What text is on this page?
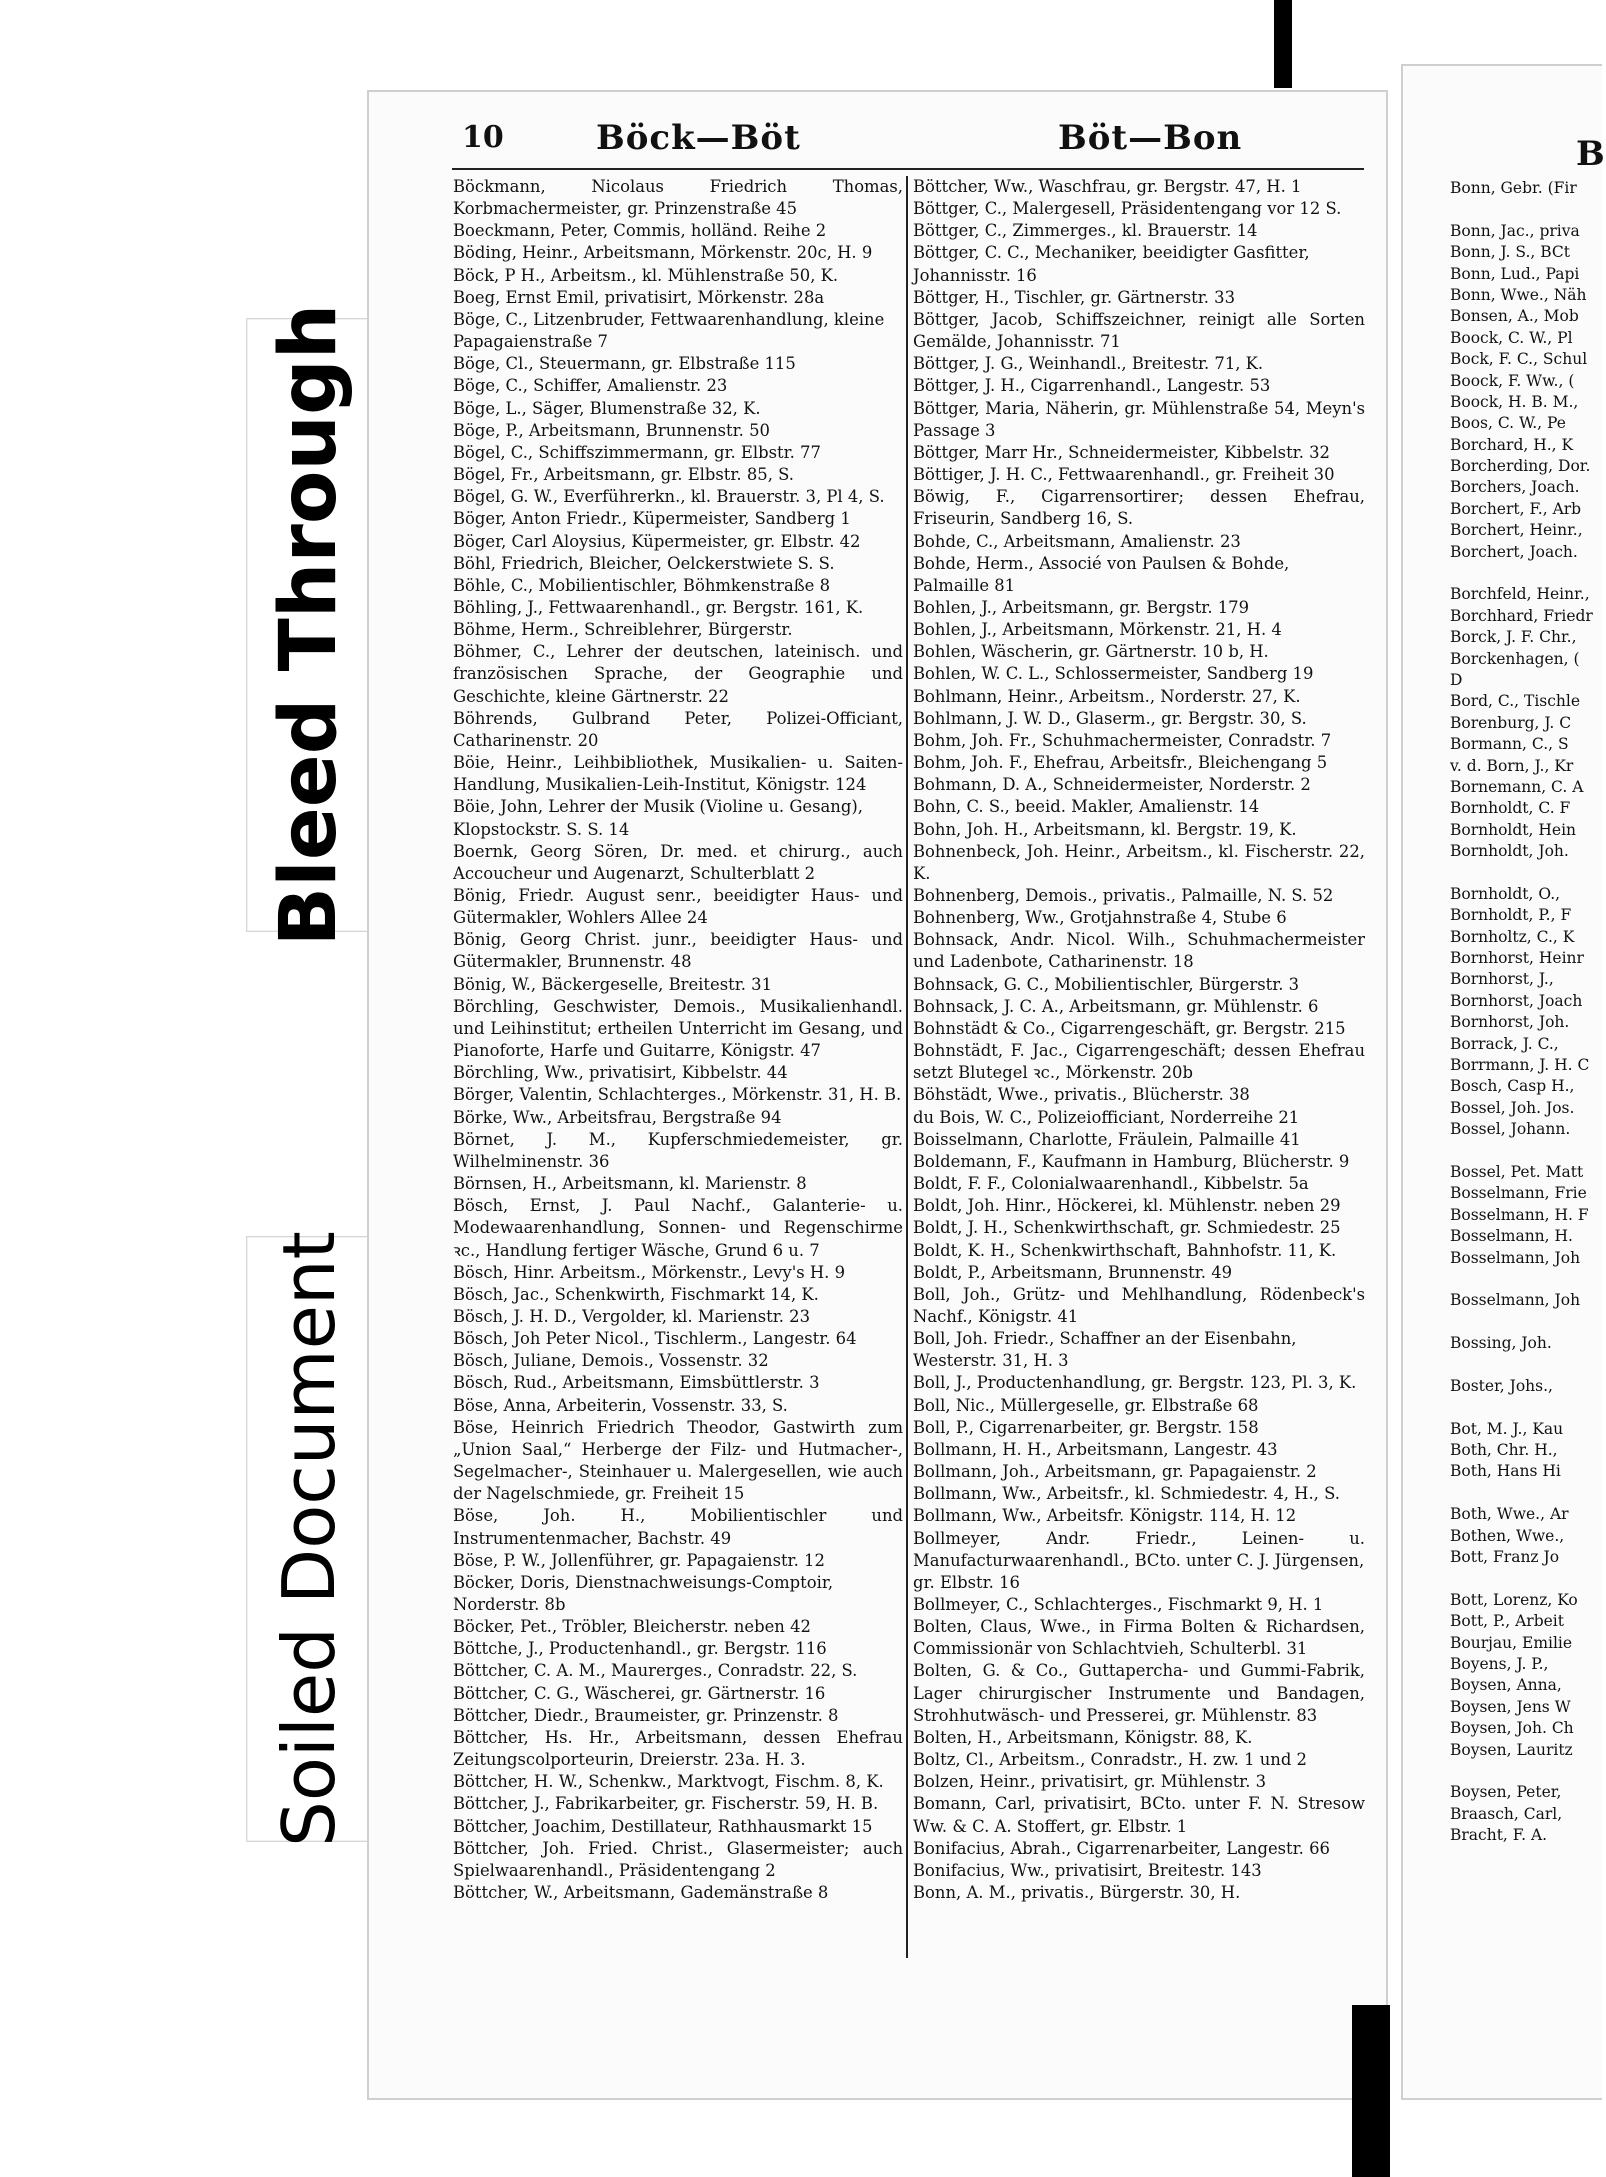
Bleed Through
Soiled Document
10	Böck—Böt	Böt—Bon	B

Böckmann, Nicolaus Friedrich Thomas, Korbmachermeister, gr. Prinzenstraße 45

Boeckmann, Peter, Commis, holländ. Reihe 2

Böding, Heinr., Arbeitsmann, Mörkenstr. 20c, H. 9

Böck, P H., Arbeitsm., kl. Mühlenstraße 50, K.

Boeg, Ernst Emil, privatisirt, Mörkenstr. 28a

Böge, C., Litzenbruder, Fettwaarenhandlung, kleine

Papagaienstraße 7

Böge, Cl., Steuermann, gr. Elbstraße 115

Böge, C., Schiffer, Amalienstr. 23

Böge, L., Säger, Blumenstraße 32, K.

Böge, P., Arbeitsmann, Brunnenstr. 50

Bögel, C., Schiffszimmermann, gr. Elbstr. 77

Bögel, Fr., Arbeitsmann, gr. Elbstr. 85, S.

Bögel, G. W., Everführerkn., kl. Brauerstr. 3, Pl 4, S.

Böger, Anton Friedr., Küpermeister, Sandberg 1

Böger, Carl Aloysius, Küpermeister, gr. Elbstr. 42

Böhl, Friedrich, Bleicher, Oelckerstwiete S. S.

Böhle, C., Mobilientischler, Böhmkenstraße 8

Böhling, J., Fettwaarenhandl., gr. Bergstr. 161, K.

Böhme, Herm., Schreiblehrer, Bürgerstr.

Böhmer, C., Lehrer der deutschen, lateinisch. und französischen Sprache, der Geographie und Geschichte, kleine Gärtnerstr. 22

Böhrends, Gulbrand Peter, Polizei-Officiant, Catharinenstr. 20

Böie, Heinr., Leihbibliothek, Musikalien- u. Saiten-Handlung, Musikalien-Leih-Institut, Königstr. 124

Böie, John, Lehrer der Musik (Violine u. Gesang),

Klopstockstr. S. S. 14

Boernk, Georg Sören, Dr. med. et chirurg., auch Accoucheur und Augenarzt, Schulterblatt 2

Bönig, Friedr. August senr., beeidigter Haus- und Gütermakler, Wohlers Allee 24

Bönig, Georg Christ. junr., beeidigter Haus- und Gütermakler, Brunnenstr. 48

Bönig, W., Bäckergeselle, Breitestr. 31

Börchling, Geschwister, Demois., Musikalienhandl. und Leihinstitut; ertheilen Unterricht im Gesang, und Pianoforte, Harfe und Guitarre, Königstr. 47

Börchling, Ww., privatisirt, Kibbelstr. 44

Börger, Valentin, Schlachterges., Mörkenstr. 31, H. B.

Börke, Ww., Arbeitsfrau, Bergstraße 94

Börnet, J. M., Kupferschmiedemeister, gr. Wilhelminenstr. 36

Börnsen, H., Arbeitsmann, kl. Marienstr. 8

Bösch, Ernst, J. Paul Nachf., Galanterie- u. Modewaarenhandlung, Sonnen- und Regenschirme ꝛc., Handlung fertiger Wäsche, Grund 6 u. 7

Bösch, Hinr. Arbeitsm., Mörkenstr., Levy's H. 9

Bösch, Jac., Schenkwirth, Fischmarkt 14, K.

Bösch, J. H. D., Vergolder, kl. Marienstr. 23

Bösch, Joh Peter Nicol., Tischlerm., Langestr. 64

Bösch, Juliane, Demois., Vossenstr. 32

Bösch, Rud., Arbeitsmann, Eimsbüttlerstr. 3

Böse, Anna, Arbeiterin, Vossenstr. 33, S.

Böse, Heinrich Friedrich Theodor, Gastwirth zum „Union Saal,“ Herberge der Filz- und Hutmacher-, Segelmacher-, Steinhauer u. Malergesellen, wie auch der Nagelschmiede, gr. Freiheit 15

Böse, Joh. H., Mobilientischler und Instrumentenmacher, Bachstr. 49

Böse, P. W., Jollenführer, gr. Papagaienstr. 12

Böcker, Doris, Dienstnachweisungs-Comptoir,

Norderstr. 8b

Böcker, Pet., Tröbler, Bleicherstr. neben 42

Böttche, J., Productenhandl., gr. Bergstr. 116

Böttcher, C. A. M., Maurerges., Conradstr. 22, S.

Böttcher, C. G., Wäscherei, gr. Gärtnerstr. 16

Böttcher, Diedr., Braumeister, gr. Prinzenstr. 8

Böttcher, Hs. Hr., Arbeitsmann, dessen Ehefrau Zeitungscolporteurin, Dreierstr. 23a. H. 3.

Böttcher, H. W., Schenkw., Marktvogt, Fischm. 8, K.

Böttcher, J., Fabrikarbeiter, gr. Fischerstr. 59, H. B.

Böttcher, Joachim, Destillateur, Rathhausmarkt 15

Böttcher, Joh. Fried. Christ., Glasermeister; auch Spielwaarenhandl., Präsidentengang 2

Böttcher, W., Arbeitsmann, Gademänstraße 8

Böttcher, Ww., Waschfrau, gr. Bergstr. 47, H. 1

Böttger, C., Malergesell, Präsidentengang vor 12 S.

Böttger, C., Zimmerges., kl. Brauerstr. 14

Böttger, C. C., Mechaniker, beeidigter Gasfitter,

Johannisstr. 16

Böttger, H., Tischler, gr. Gärtnerstr. 33

Böttger, Jacob, Schiffszeichner, reinigt alle Sorten Gemälde, Johannisstr. 71

Böttger, J. G., Weinhandl., Breitestr. 71, K.

Böttger, J. H., Cigarrenhandl., Langestr. 53

Böttger, Maria, Näherin, gr. Mühlenstraße 54, Meyn's Passage 3

Böttger, Marr Hr., Schneidermeister, Kibbelstr. 32

Böttiger, J. H. C., Fettwaarenhandl., gr. Freiheit 30

Böwig, F., Cigarrensortirer; dessen Ehefrau, Friseurin, Sandberg 16, S.

Bohde, C., Arbeitsmann, Amalienstr. 23

Bohde, Herm., Associé von Paulsen & Bohde,

Palmaille 81

Bohlen, J., Arbeitsmann, gr. Bergstr. 179

Bohlen, J., Arbeitsmann, Mörkenstr. 21, H. 4

Bohlen, Wäscherin, gr. Gärtnerstr. 10 b, H.

Bohlen, W. C. L., Schlossermeister, Sandberg 19

Bohlmann, Heinr., Arbeitsm., Norderstr. 27, K.

Bohlmann, J. W. D., Glaserm., gr. Bergstr. 30, S.

Bohm, Joh. Fr., Schuhmachermeister, Conradstr. 7

Bohm, Joh. F., Ehefrau, Arbeitsfr., Bleichengang 5

Bohmann, D. A., Schneidermeister, Norderstr. 2

Bohn, C. S., beeid. Makler, Amalienstr. 14

Bohn, Joh. H., Arbeitsmann, kl. Bergstr. 19, K.

Bohnenbeck, Joh. Heinr., Arbeitsm., kl. Fischerstr. 22, K.

Bohnenberg, Demois., privatis., Palmaille, N. S. 52

Bohnenberg, Ww., Grotjahnstraße 4, Stube 6

Bohnsack, Andr. Nicol. Wilh., Schuhmachermeister und Ladenbote, Catharinenstr. 18

Bohnsack, G. C., Mobilientischler, Bürgerstr. 3

Bohnsack, J. C. A., Arbeitsmann, gr. Mühlenstr. 6

Bohnstädt & Co., Cigarrengeschäft, gr. Bergstr. 215

Bohnstädt, F. Jac., Cigarrengeschäft; dessen Ehefrau setzt Blutegel ꝛc., Mörkenstr. 20b

Böhstädt, Wwe., privatis., Blücherstr. 38

du Bois, W. C., Polizeiofficiant, Norderreihe 21

Boisselmann, Charlotte, Fräulein, Palmaille 41

Boldemann, F., Kaufmann in Hamburg, Blücherstr. 9

Boldt, F. F., Colonialwaarenhandl., Kibbelstr. 5a

Boldt, Joh. Hinr., Höckerei, kl. Mühlenstr. neben 29

Boldt, J. H., Schenkwirthschaft, gr. Schmiedestr. 25

Boldt, K. H., Schenkwirthschaft, Bahnhofstr. 11, K.

Boldt, P., Arbeitsmann, Brunnenstr. 49

Boll, Joh., Grütz- und Mehlhandlung, Rödenbeck's Nachf., Königstr. 41

Boll, Joh. Friedr., Schaffner an der Eisenbahn,

Westerstr. 31, H. 3

Boll, J., Productenhandlung, gr. Bergstr. 123, Pl. 3, K.

Boll, Nic., Müllergeselle, gr. Elbstraße 68

Boll, P., Cigarrenarbeiter, gr. Bergstr. 158

Bollmann, H. H., Arbeitsmann, Langestr. 43

Bollmann, Joh., Arbeitsmann, gr. Papagaienstr. 2

Bollmann, Ww., Arbeitsfr., kl. Schmiedestr. 4, H., S.

Bollmann, Ww., Arbeitsfr. Königstr. 114, H. 12

Bollmeyer, Andr. Friedr., Leinen- u. Manufacturwaarenhandl., BCto. unter C. J. Jürgensen,

gr. Elbstr. 16

Bollmeyer, C., Schlachterges., Fischmarkt 9, H. 1

Bolten, Claus, Wwe., in Firma Bolten & Richardsen, Commissionär von Schlachtvieh, Schulterbl. 31

Bolten, G. & Co., Guttapercha- und Gummi-Fabrik, Lager chirurgischer Instrumente und Bandagen, Strohhutwäsch- und Presserei, gr. Mühlenstr. 83

Bolten, H., Arbeitsmann, Königstr. 88, K.

Boltz, Cl., Arbeitsm., Conradstr., H. zw. 1 und 2

Bolzen, Heinr., privatisirt, gr. Mühlenstr. 3

Bomann, Carl, privatisirt, BCto. unter F. N. Stresow Ww. & C. A. Stoffert, gr. Elbstr. 1

Bonifacius, Abrah., Cigarrenarbeiter, Langestr. 66

Bonifacius, Ww., privatisirt, Breitestr. 143

Bonn, A. M., privatis., Bürgerstr. 30, H.

Bonn, Gebr. (Fir
Bonn, Jac., priva
Bonn, J. S., BCt
Bonn, Lud., Papi
Bonn, Wwe., Näh
Bonsen, A., Mob
Boock, C. W., Pl
Bock, F. C., Schul
Boock, F. Ww., (
Boock, H. B. M.,
Boos, C. W., Pe
Borchard, H., K
Borcherding, Dor.
Borchers, Joach.
Borchert, F., Arb
Borchert, Heinr.,
Borchert, Joach.
Borchfeld, Heinr.,
Borchhard, Friedr
Borck, J. F. Chr.,
Borckenhagen, (
D
Bord, C., Tischle
Borenburg, J. C
Bormann, C., S
v. d. Born, J., Kr
Bornemann, C. A
Bornholdt, C. F
Bornholdt, Hein
Bornholdt, Joh.
Bornholdt, O.,
Bornholdt, P., F
Bornholtz, C., K
Bornhorst, Heinr
Bornhorst, J.,
Bornhorst, Joach
Bornhorst, Joh.
Borrack, J. C.,
Borrmann, J. H. C
Bosch, Casp H.,
Bossel, Joh. Jos.
Bossel, Johann.
Bossel, Pet. Matt
Bosselmann, Frie
Bosselmann, H. F
Bosselmann, H.
Bosselmann, Joh
Bosselmann, Joh
Bossing, Joh.
Boster, Johs.,
Bot, M. J., Kau
Both, Chr. H.,
Both, Hans Hi
Both, Wwe., Ar
Bothen, Wwe.,
Bott, Franz Jo
Bott, Lorenz, Ko
Bott, P., Arbeit
Bourjau, Emilie
Boyens, J. P.,
Boysen, Anna,
Boysen, Jens W
Boysen, Joh. Ch
Boysen, Lauritz
Boysen, Peter,
Braasch, Carl,
Bracht, F. A.
